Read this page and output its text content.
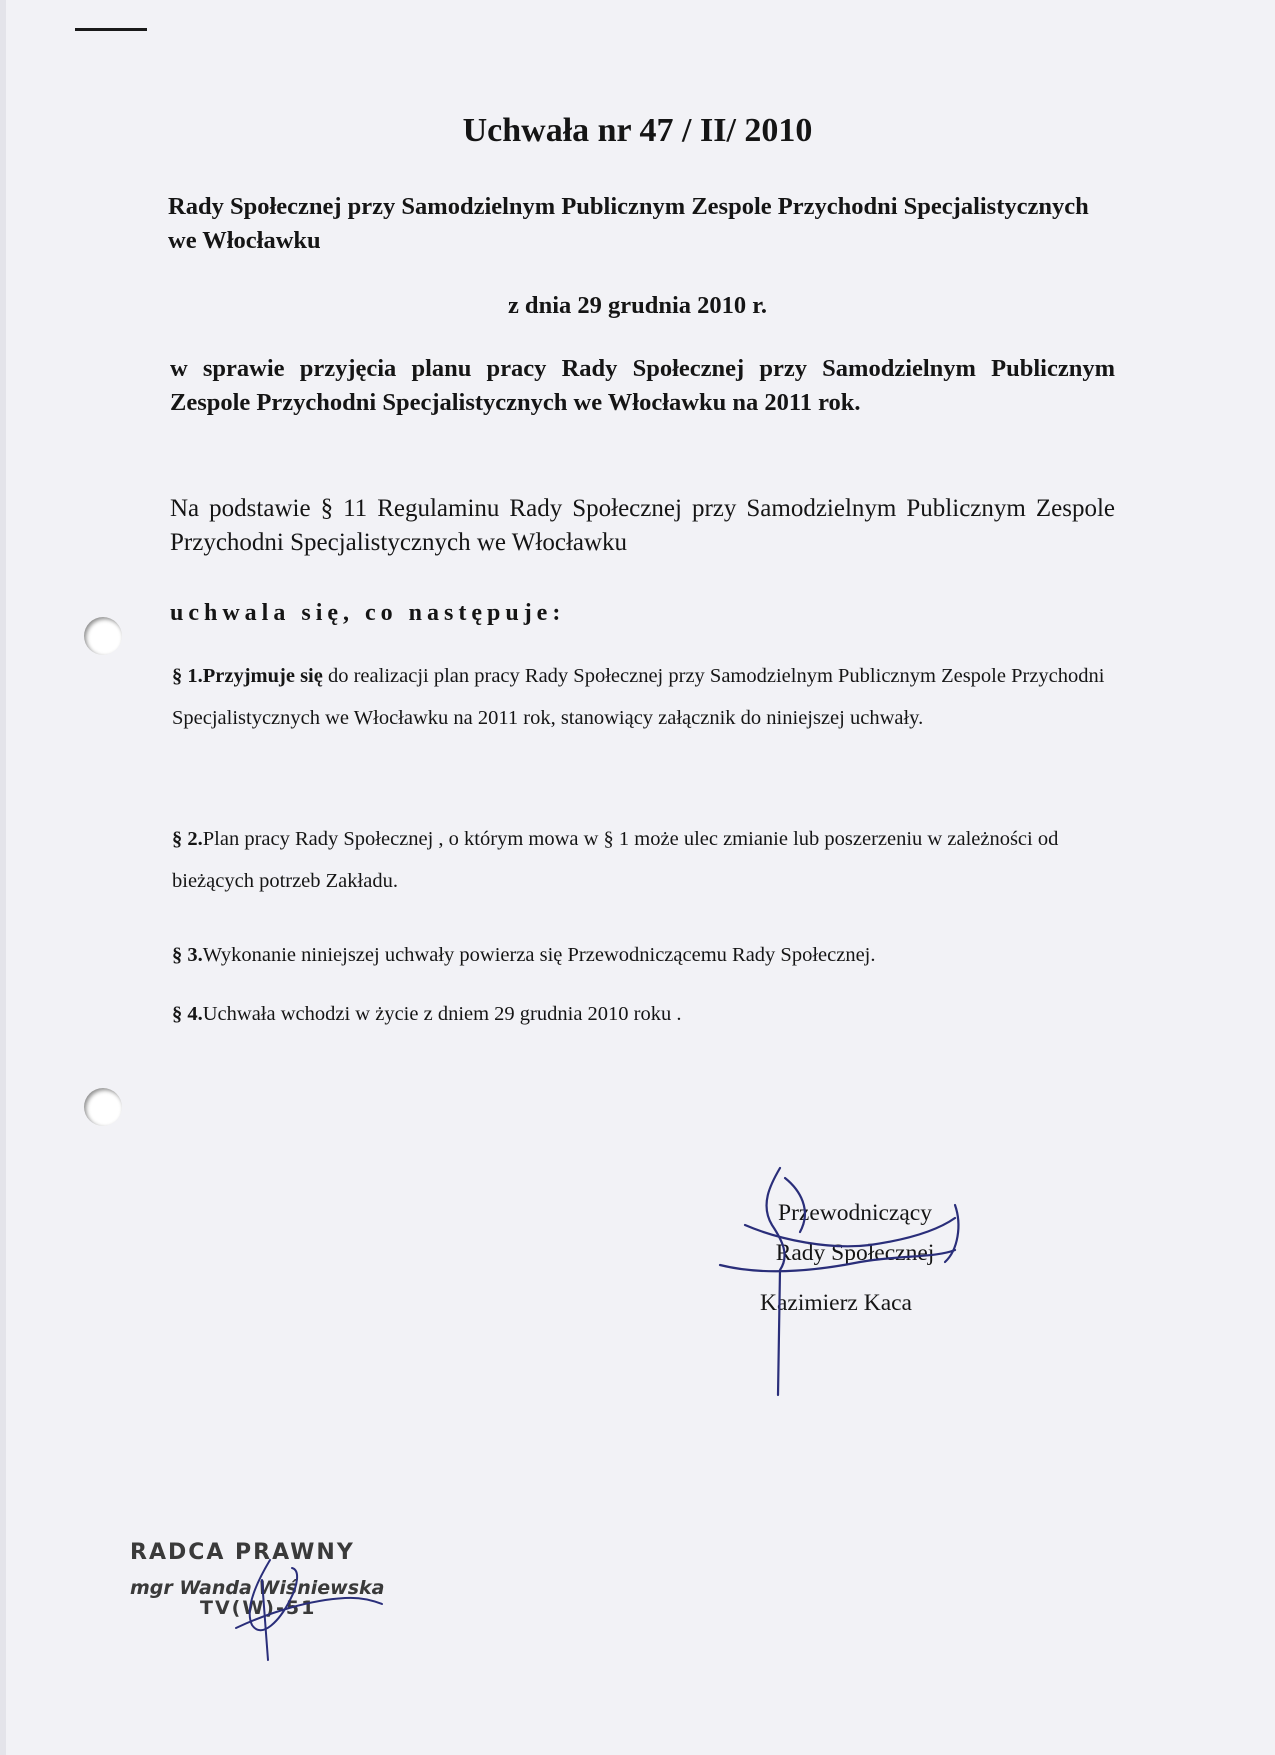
Uchwała nr 47 / II/ 2010

Rady Społecznej przy Samodzielnym Publicznym Zespole Przychodni Specjalistycznych we Włocławku

z dnia 29 grudnia 2010 r.

w sprawie przyjęcia planu pracy Rady Społecznej przy Samodzielnym Publicznym Zespole Przychodni Specjalistycznych we Włocławku na 2011 rok.

Na podstawie § 11 Regulaminu Rady Społecznej przy Samodzielnym Publicznym Zespole Przychodni Specjalistycznych we Włocławku

uchwala się, co następuje:

§ 1.Przyjmuje się do realizacji plan pracy Rady Społecznej przy Samodzielnym Publicznym Zespole Przychodni Specjalistycznych we Włocławku na 2011 rok, stanowiący załącznik do niniejszej uchwały.

§ 2.Plan pracy Rady Społecznej , o którym mowa w § 1 może ulec zmianie lub poszerzeniu w zależności od bieżących potrzeb Zakładu.

§ 3.Wykonanie niniejszej uchwały powierza się Przewodniczącemu Rady Społecznej.

§ 4.Uchwała wchodzi w życie z dniem 29 grudnia 2010 roku .

Przewodniczący
Rady Społecznej
Kazimierz Kaca
RADCA PRAWNY
mgr Wanda Wiśniewska
TV(W)-51
